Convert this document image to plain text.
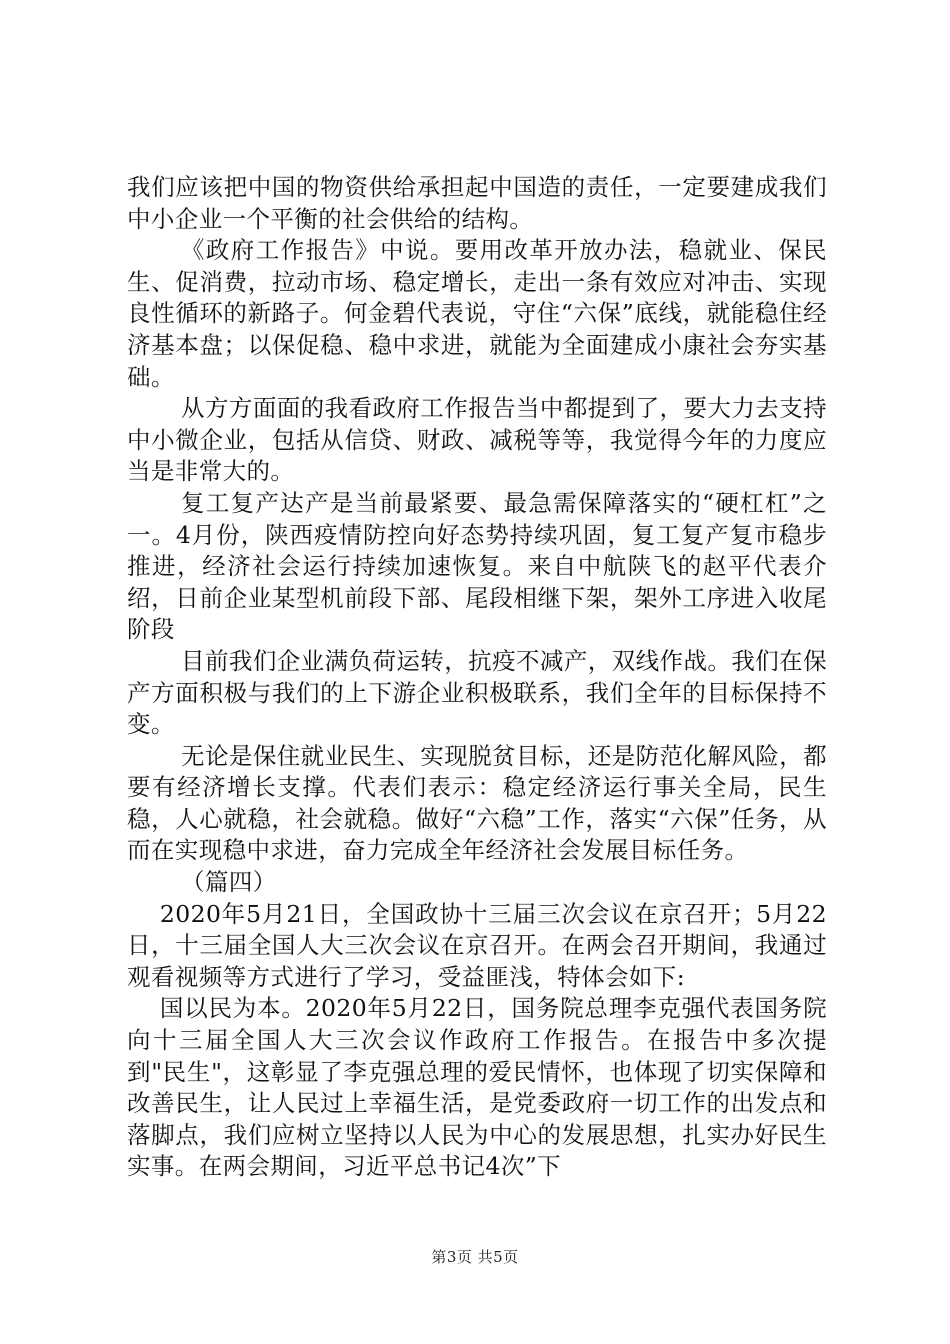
我们应该把中国的物资供给承担起中国造的责任，一定要建成我们中小企业一个平衡的社会供给的结构。

《政府工作报告》中说。要用改革开放办法，稳就业、保民生、促消费，拉动市场、稳定增长，走出一条有效应对冲击、实现良性循环的新路子。何金碧代表说，守住“六保”底线，就能稳住经济基本盘；以保促稳、稳中求进，就能为全面建成小康社会夯实基础。

从方方面面的我看政府工作报告当中都提到了，要大力去支持中小微企业，包括从信贷、财政、减税等等，我觉得今年的力度应当是非常大的。

复工复产达产是当前最紧要、最急需保障落实的“硬杠杠”之一。4月份，陕西疫情防控向好态势持续巩固，复工复产复市稳步推进，经济社会运行持续加速恢复。来自中航陕飞的赵平代表介绍，日前企业某型机前段下部、尾段相继下架，架外工序进入收尾阶段

目前我们企业满负荷运转，抗疫不减产，双线作战。我们在保产方面积极与我们的上下游企业积极联系，我们全年的目标保持不变。

无论是保住就业民生、实现脱贫目标，还是防范化解风险，都要有经济增长支撑。代表们表示：稳定经济运行事关全局，民生稳，人心就稳，社会就稳。做好“六稳”工作，落实“六保”任务，从而在实现稳中求进，奋力完成全年经济社会发展目标任务。

（篇四）

2020年5月21日，全国政协十三届三次会议在京召开；5月22日，十三届全国人大三次会议在京召开。在两会召开期间，我通过观看视频等方式进行了学习，受益匪浅，特体会如下:

国以民为本。2020年5月22日，国务院总理李克强代表国务院向十三届全国人大三次会议作政府工作报告。在报告中多次提到"民生"，这彰显了李克强总理的爱民情怀，也体现了切实保障和改善民生，让人民过上幸福生活，是党委政府一切工作的出发点和落脚点，我们应树立坚持以人民为中心的发展思想，扎实办好民生实事。在两会期间，习近平总书记4次”下

第3页 共5页
